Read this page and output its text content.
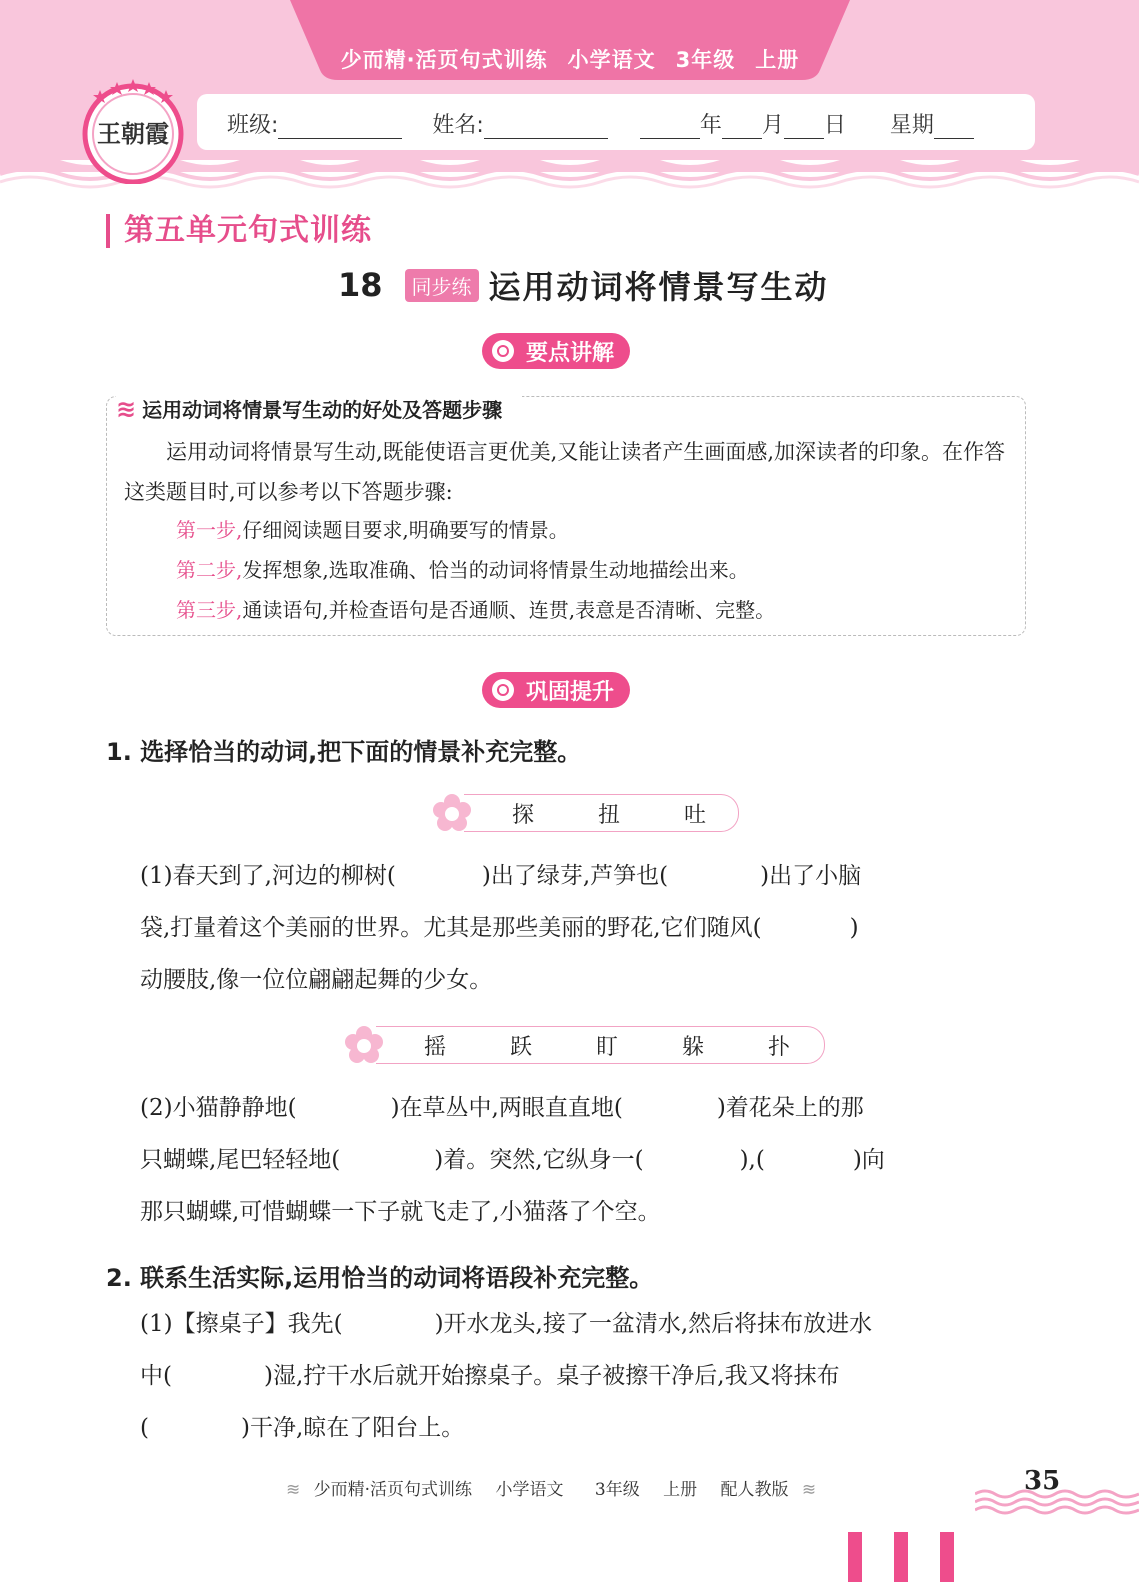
少而精·活页句式训练 小学语文 3年级 上册
班级:	姓名:	年 月 日 星期
王朝霞
第五单元句式训练
18	同步练 运用动词将情景写生动
要点讲解
≋ 运用动词将情景写生动的好处及答题步骤
运用动词将情景写生动,既能使语言更优美,又能让读者产生画面感,加深读者的印象。在作答这类题目时,可以参考以下答题步骤:
第一步,仔细阅读题目要求,明确要写的情景。
第二步,发挥想象,选取准确、恰当的动词将情景生动地描绘出来。
第三步,通读语句,并检查语句是否通顺、连贯,表意是否清晰、完整。
巩固提升
1. 选择恰当的动词,把下面的情景补充完整。
探	扭	吐
(1)春天到了,河边的柳树(	)出了绿芽,芦笋也(	)出了小脑
袋,打量着这个美丽的世界。尤其是那些美丽的野花,它们随风(	)
动腰肢,像一位位翩翩起舞的少女。
摇	跃	盯	躲	扑
(2)小猫静静地(	)在草丛中,两眼直直地(	)着花朵上的那
只蝴蝶,尾巴轻轻地(	)着。突然,它纵身一(	),(	)向
那只蝴蝶,可惜蝴蝶一下子就飞走了,小猫落了个空。
2. 联系生活实际,运用恰当的动词将语段补充完整。
(1)【擦桌子】我先(	)开水龙头,接了一盆清水,然后将抹布放进水
中(	)湿,拧干水后就开始擦桌子。桌子被擦干净后,我又将抹布
(	)干净,晾在了阳台上。
≋ 少而精·活页句式训练 小学语文 3年级 上册 配人教版 ≋	35
